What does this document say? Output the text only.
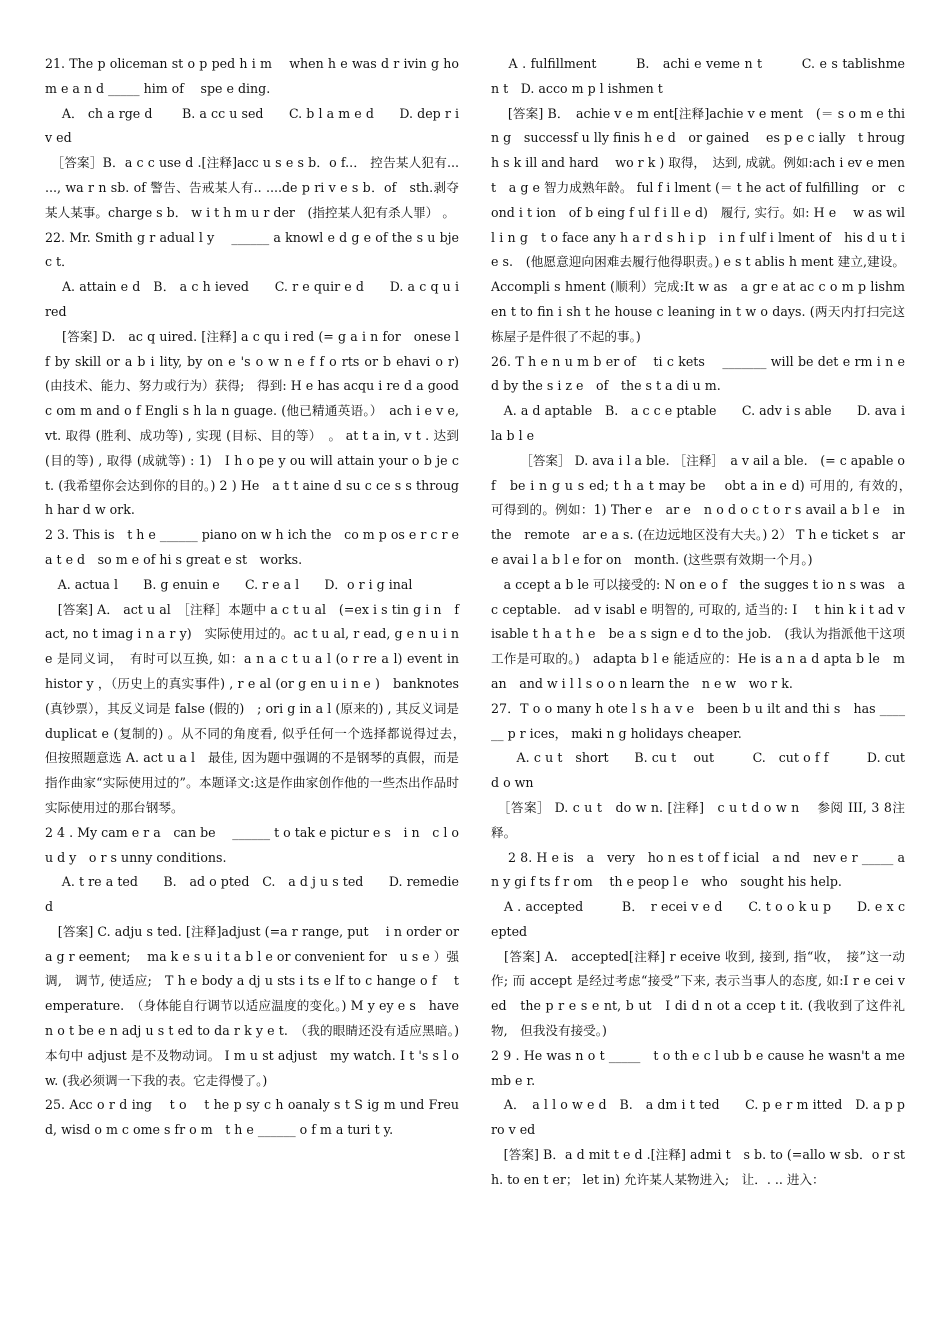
21. The p oliceman st o p ped h i m　 when h e was d r ivin g ho m e a n d _____ him of　 spe e ding.

　 A． ch a rge d　 　B. a cc u sed　　C. b l a m e d　　D. dep r i v ed

　［答案］B．a c c use d .[注释]acc u s e s b．o f..． 控告某人犯有... ..., wa r n sb. of 警告、告戒某人有.. ....de p ri v e s b．of　sth.剥夺某人某事。charge s b． w i t h m u r der　(指控某人犯有杀人罪） 。

22. Mr. Smith g r adual l y　 ______ a knowl e d g e of the s u bjec t．

　 A. attain e d　B． a c h ieved　　C. r e quir e d　　D. a c q u ired

　 [答案] D.　ac q uired. [注释] a c qu i red (= g a i n for　onese l f by skill or a b i lity, by on e 's o w n e f f o rts or b ehavi o r)　(由技术、能力、努力或行为）获得;　得到: H e has acqu i re d a good　c om m and o f Engli s h la n guage. (他已精通英语。）　ach i e v e,　vt. 取得 (胜利、成功等) , 实现 (目标、目的等）　。 at t a in, v t . 达到　(目的等) , 取得 (成就等) : 1)　I h o pe y ou will attain your o b je c t. (我希望你会达到你的目的。) 2 ) He　a t t aine d su c ce s s through har d w ork.

2 3. This is　t h e ______ piano on w h ich the　co m p os e r c r e a t e d　so m e of hi s great e st　works.

　A. actua l　　B. g enuin e　　C. r e a l　　D．o r i g inal

　[答案] A． act u al　［注释］本题中 a c t u al　(=ex i s tin g i n　f act, no t imag i n a r y)　实际使用过的。ac t u al, r ead, g e n u i ne 是同义词，　有时可以互换, 如：a n a c t u a l (o r re a l) event in　histor y ，（历史上的真实事件) , r e al (or g en u i n e )　banknotes (真钞票），其反义词是 false (假的)　; ori g in a l (原来的) , 其反义词是 duplicat e (复制的) 。从不同的角度看, 似乎任何一个选择都说得过去，　但按照题意选 A. act u a l　最佳, 因为题中强调的不是钢琴的真假，而是指作曲家“实际使用过的”。本题译文:这是作曲家创作他的一些杰出作品时实际使用过的那台钢琴。

2 4 . My cam e r a　can be　 ______ t o tak e pictur e s　i n　c l o u d y　o r s unny conditions.

　 A. t re a ted　　B.　ad o pted　C.　a d j u s ted　　D. remedied

　[答案] C. adju s ted. [注释]adjust (=a r range, put　 i n order or a g r eement;　 ma k e s u i t a b l e or convenient for　u s e ）强调,　调节, 使适应;　T h e body a dj u sts i ts e lf to c hange o f　 t emperature.　（身体能自行调节以适应温度的变化。) M y ey e s　have n o t be e n adj u s t ed to da r k y e t.　（我的眼睛还没有适应黑暗。)　本句中 adjust 是不及物动词。 I m u st adjust　my watch. I t 's s l o w. (我必须调一下我的表。它走得慢了。)

25. Acc o r d ing　 t o　 t he p sy c h oanaly s t S ig m und Freud, wisd o m c ome s fr o m　t h e ______ o f m a turi t y.

　 A . fulfillment　　　B.　achi e veme n t　　　C. e s tablishme n t　D. acco m p l ishmen t

　 [答案] B．　achie v e m ent[注释]achie v e ment　(＝ s o m e thin g　successf u lly finis h e d　or gained　 es p e c ially　t hrough s k ill and hard　 wo r k ) 取得，　达到, 成就。例如:ach i ev e ment　a g e 智力成熟年龄。 ful f i lment (＝ t he act of fulfilling　or　cond i t ion　of b eing f ul f i ll e d)　履行, 实行。如: H e　 w as will i n g　t o face any h a r d s h i p　i n f ulf i lment of　his d u t i e s.　(他愿意迎向困难去履行他得职责。) e s t ablis h ment 建立,建设。Accompli s hment (顺利）完成:It w as　a gr e at ac c o m p lishmen t to fin i sh t he house c leaning in t w o days. (两天内打扫完这栋屋子是件很了不起的事。)

26. T h e n u m b er of　 ti c kets　 _______ will be det e rm i n e d by the s i z e　of　the s t a di u m.

　A. a d aptable　B.　a c c e ptable　　C. adv i s able　　D. ava i la b l e

　　 ［答案］ D. ava i l a ble. ［注释］　a v ail a ble.　(= c apable of　be i n g u s ed; t h a t may be　 obt a in e d) 可用的, 有效的，　可得到的。例如：1) Ther e　ar e　n o d o c t o r s avail a b l e　in the　remote　ar e a s. (在边远地区没有大夫。) 2） T h e ticket s　are avai l a b l e for on　month. (这些票有效期一个月。)

　a ccept a b le 可以接受的: N on e o f　the sugges t io n s was　a c ceptable.　ad v isabl e 明智的, 可取的, 适当的: I　 t hin k i t ad v isable t h a t h e　be a s sign e d to the job.　(我认为指派他干这项工作是可取的。)　adapta b l e 能适应的：He is a n a d apta b le　m an　and w i l l s o o n learn the　n e w　wo r k.

27．T o o many h ote l s h a v e　been b u ilt and thi s　has ______ p r ices， maki n g holidays cheaper.

　　A. c u t　short　　B. cu t　 out　　　C.　cut o f f　　　D. cut d o wn

　［答案］ D. c u t　do w n. [注释]　c u t d o w n　 参阅 III, 3 8注释。

　 2 8. H e is　a　very　ho n es t of f icial　a nd　nev e r _____ an y gi f ts f r om　 th e peop l e　who　sought his help.

　A . accepted　　　B．　r ecei v e d　　C. t o o k u p　　D. e x c epted

　[答案] A.　accepted[注释] r eceive 收到, 接到, 指“收，　接”这一动作; 而 accept 是经过考虑“接受”下来, 表示当事人的态度, 如:I r e cei v ed　the p r e s e nt, b ut　I di d n ot a ccep t it. (我收到了这件礼物,　但我没有接受。)

2 9 . He was n o t _____　t o th e c l ub b e cause he wasn't a memb e r.

　A．　a l l o w e d　B.　a dm i t ted　　C. p e r m itted　D. a p pro v ed

　[答案] B．a d mit t e d .[注释] admi t　s b. to (=allo w sb．o r sth. to en t er； let in) 允许某人某物进入;　让．. .. 进入：
